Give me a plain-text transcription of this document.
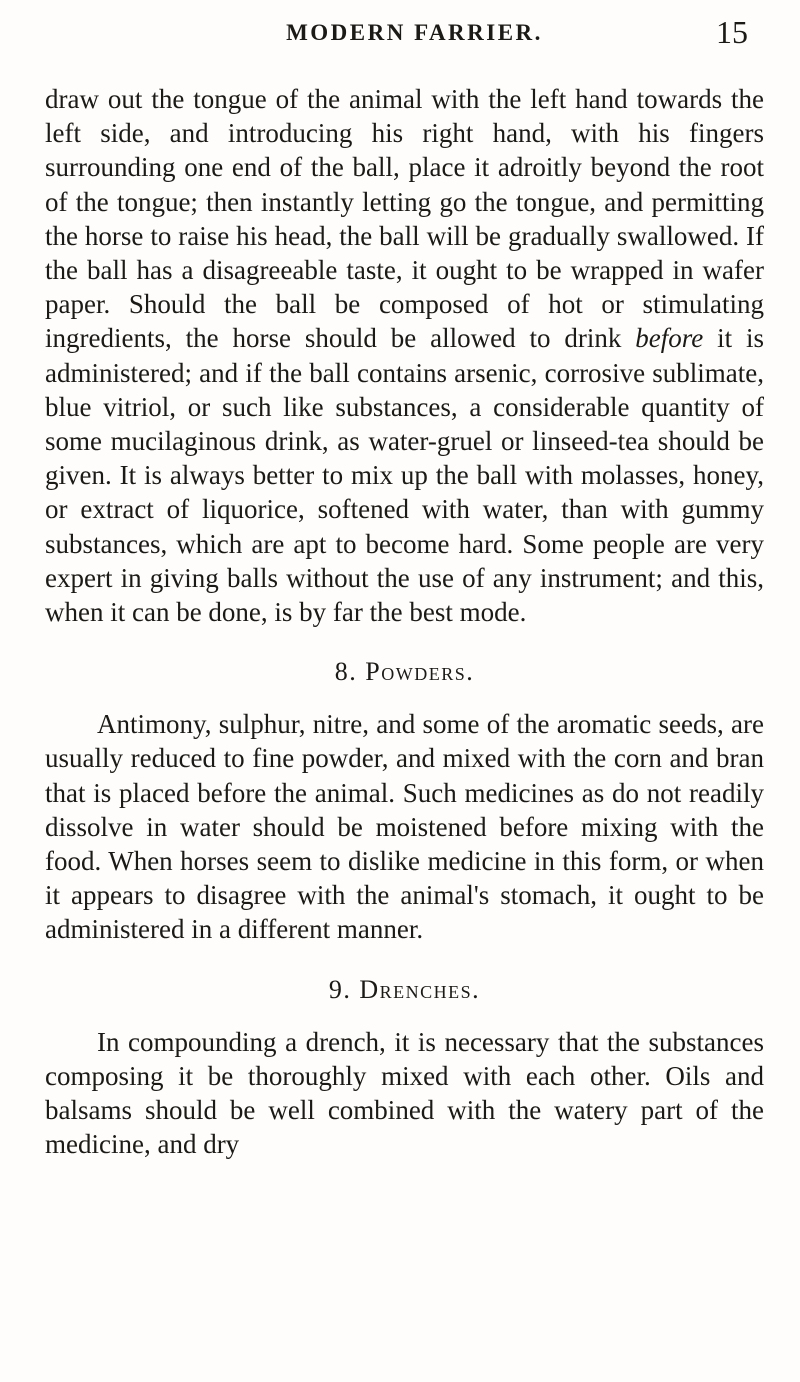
MODERN FARRIER.	15

draw out the tongue of the animal with the left hand towards the left side, and introducing his right hand, with his fingers surrounding one end of the ball, place it adroitly beyond the root of the tongue; then instantly letting go the tongue, and permitting the horse to raise his head, the ball will be gradually swallowed. If the ball has a disagreeable taste, it ought to be wrapped in wafer paper. Should the ball be composed of hot or stimulating ingredients, the horse should be allowed to drink before it is administered; and if the ball contains arsenic, corrosive sublimate, blue vitriol, or such like substances, a considerable quantity of some mucilaginous drink, as water-gruel or linseed-tea should be given. It is always better to mix up the ball with molasses, honey, or extract of liquorice, softened with water, than with gummy substances, which are apt to become hard. Some people are very expert in giving balls without the use of any instrument; and this, when it can be done, is by far the best mode.

8. Powders.

Antimony, sulphur, nitre, and some of the aromatic seeds, are usually reduced to fine powder, and mixed with the corn and bran that is placed before the animal. Such medicines as do not readily dissolve in water should be moistened before mixing with the food. When horses seem to dislike medicine in this form, or when it appears to disagree with the animal's stomach, it ought to be administered in a different manner.

9. Drenches.

In compounding a drench, it is necessary that the substances composing it be thoroughly mixed with each other. Oils and balsams should be well combined with the watery part of the medicine, and dry
